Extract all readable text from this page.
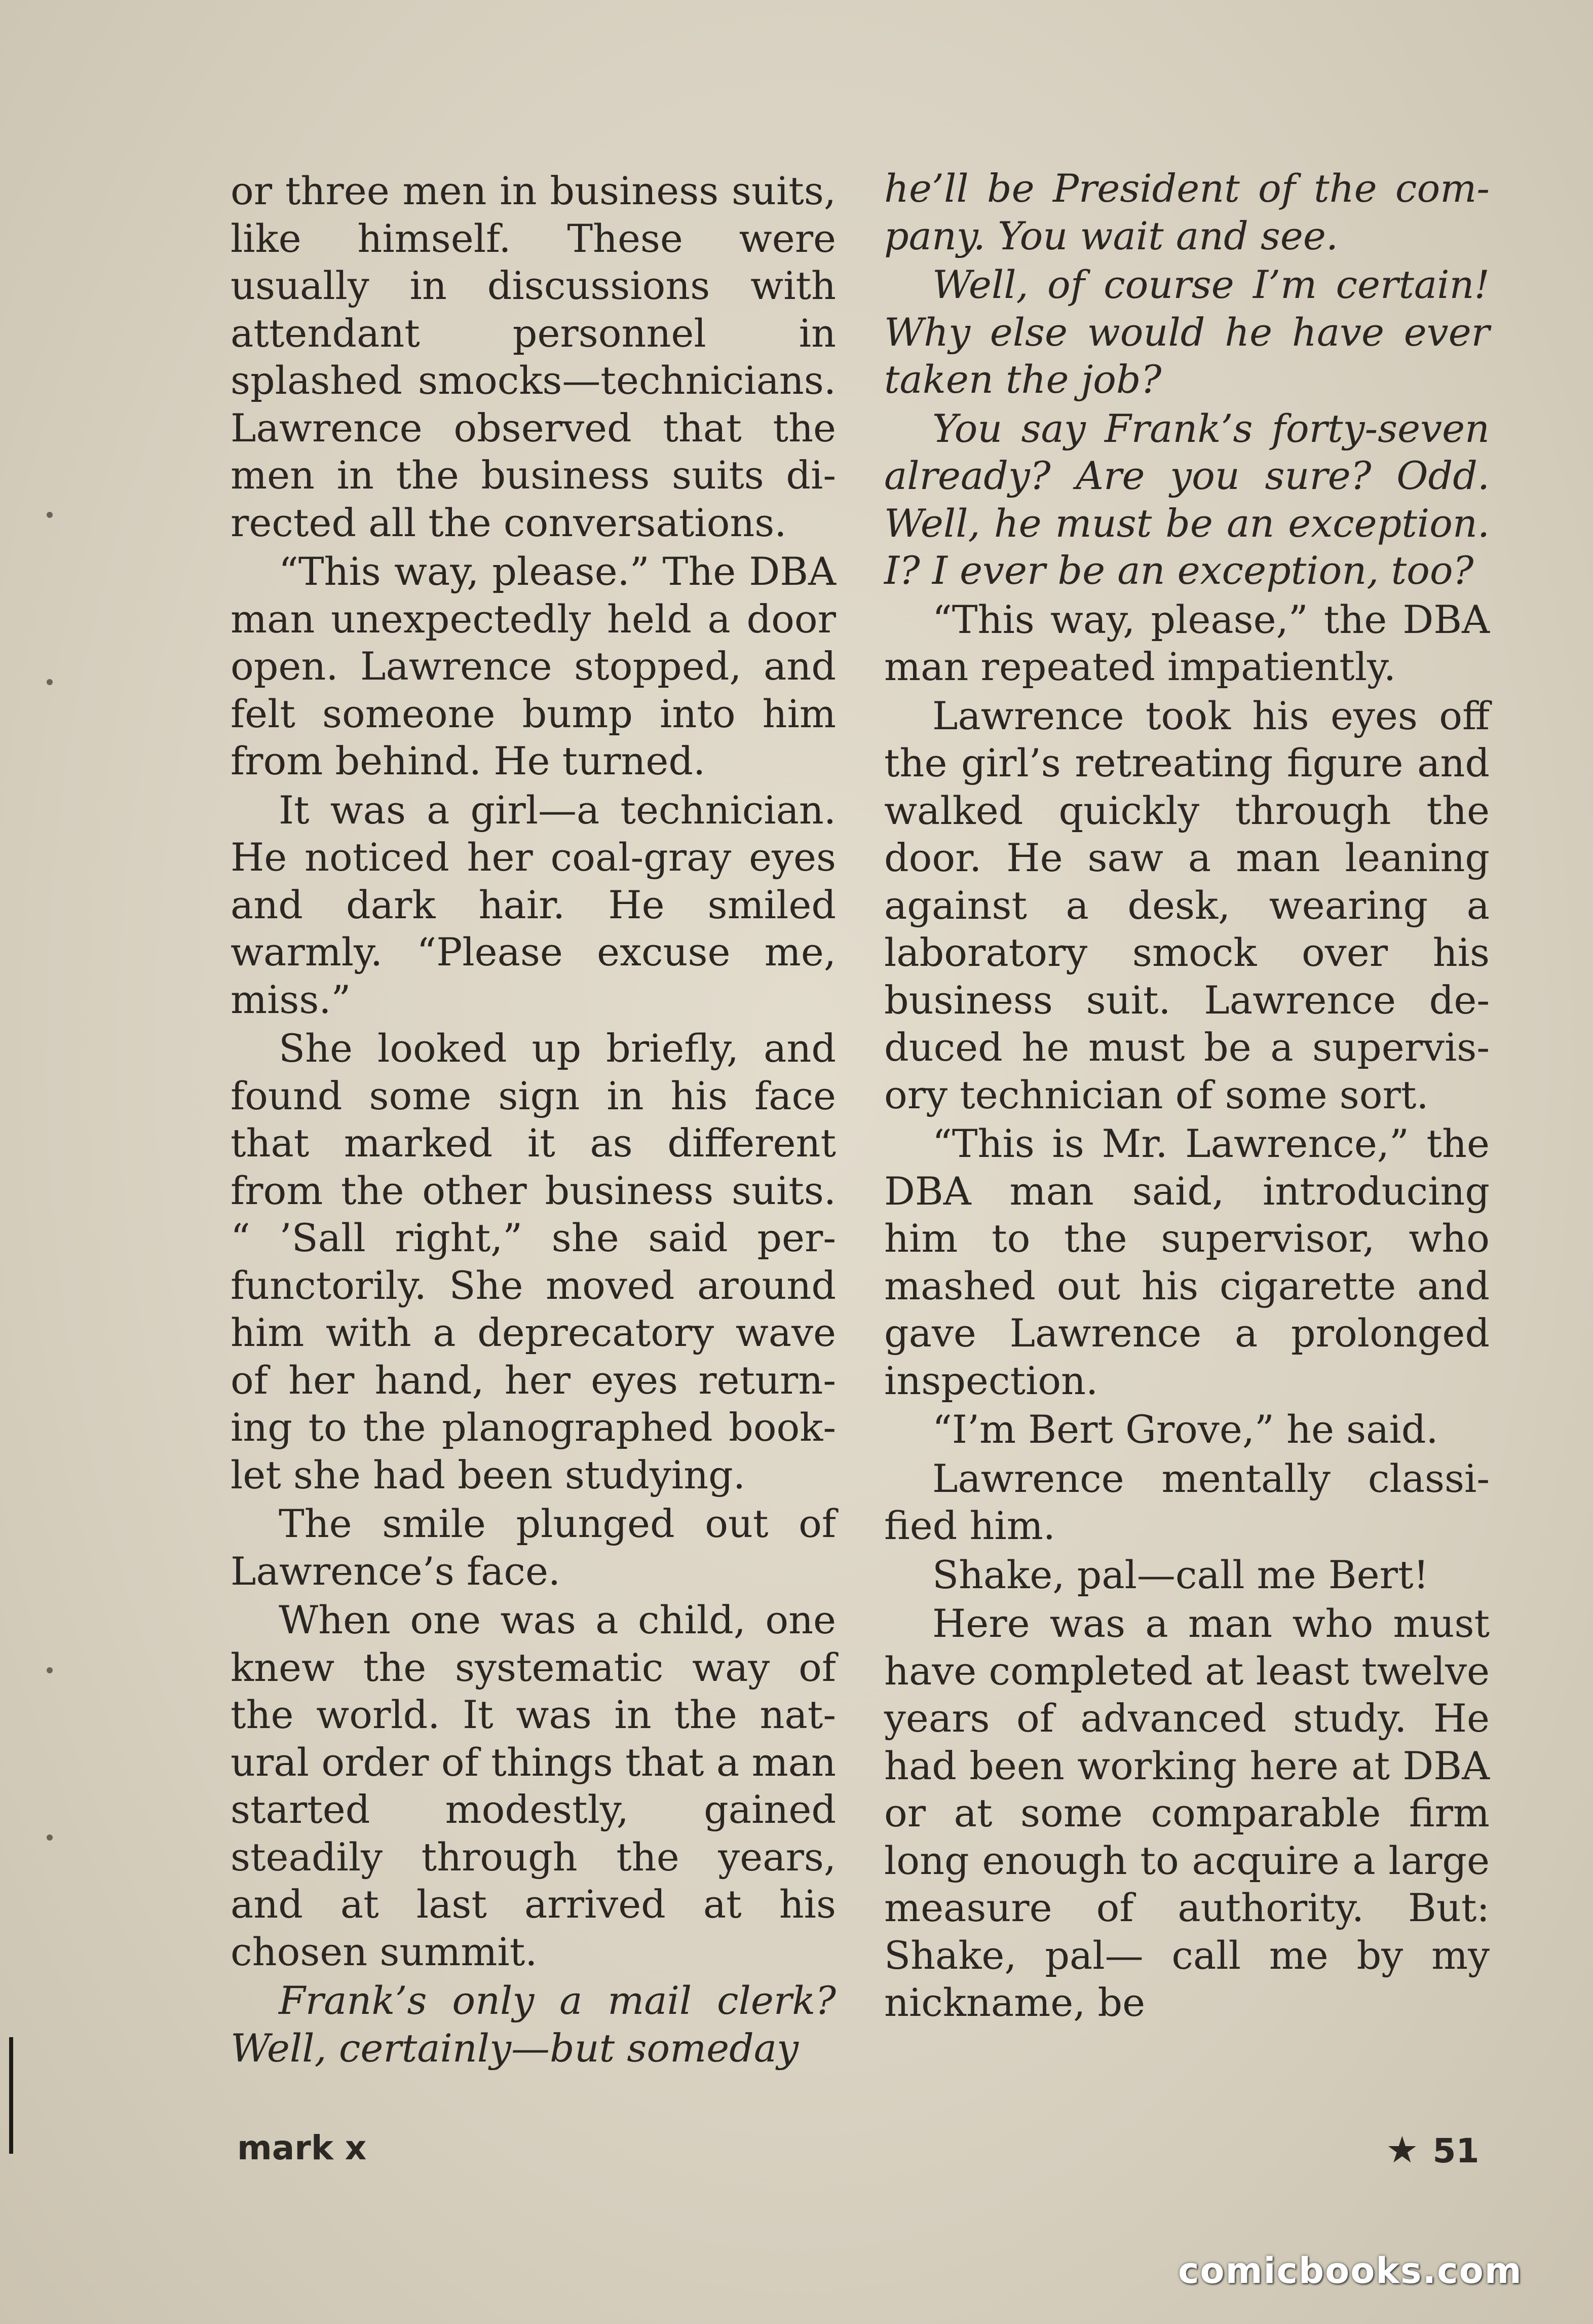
or three men in business suits, like himself. These were usually in discussions with attendant personnel in splashed smocks—technicians. Lawrence observed that the men in the business suits directed all the conversations.

“This way, please.” The DBA man unexpectedly held a door open. Lawrence stopped, and felt someone bump into him from behind. He turned.

It was a girl—a technician. He noticed her coal-gray eyes and dark hair. He smiled warmly. “Please excuse me, miss.”

She looked up briefly, and found some sign in his face that marked it as different from the other business suits. “ ’Sall right,” she said perfunctorily. She moved around him with a deprecatory wave of her hand, her eyes returning to the planographed booklet she had been studying.

The smile plunged out of Lawrence’s face.

When one was a child, one knew the systematic way of the world. It was in the natural order of things that a man started modestly, gained steadily through the years, and at last arrived at his chosen summit.

Frank’s only a mail clerk? Well, certainly—but someday

he’ll be President of the company. You wait and see.

Well, of course I’m certain! Why else would he have ever taken the job?

You say Frank’s forty-seven already? Are you sure? Odd. Well, he must be an exception. I? I ever be an exception, too?

“This way, please,” the DBA man repeated impatiently.

Lawrence took his eyes off the girl’s retreating figure and walked quickly through the door. He saw a man leaning against a desk, wearing a laboratory smock over his business suit. Lawrence deduced he must be a supervisory technician of some sort.

“This is Mr. Lawrence,” the DBA man said, introducing him to the supervisor, who mashed out his cigarette and gave Lawrence a prolonged inspection.

“I’m Bert Grove,” he said.

Lawrence mentally classified him.

Shake, pal—call me Bert!

Here was a man who must have completed at least twelve years of advanced study. He had been working here at DBA or at some comparable firm long enough to acquire a large measure of authority. But: Shake, pal— call me by my nickname, be

mark x	★ 51
comicbooks.com
